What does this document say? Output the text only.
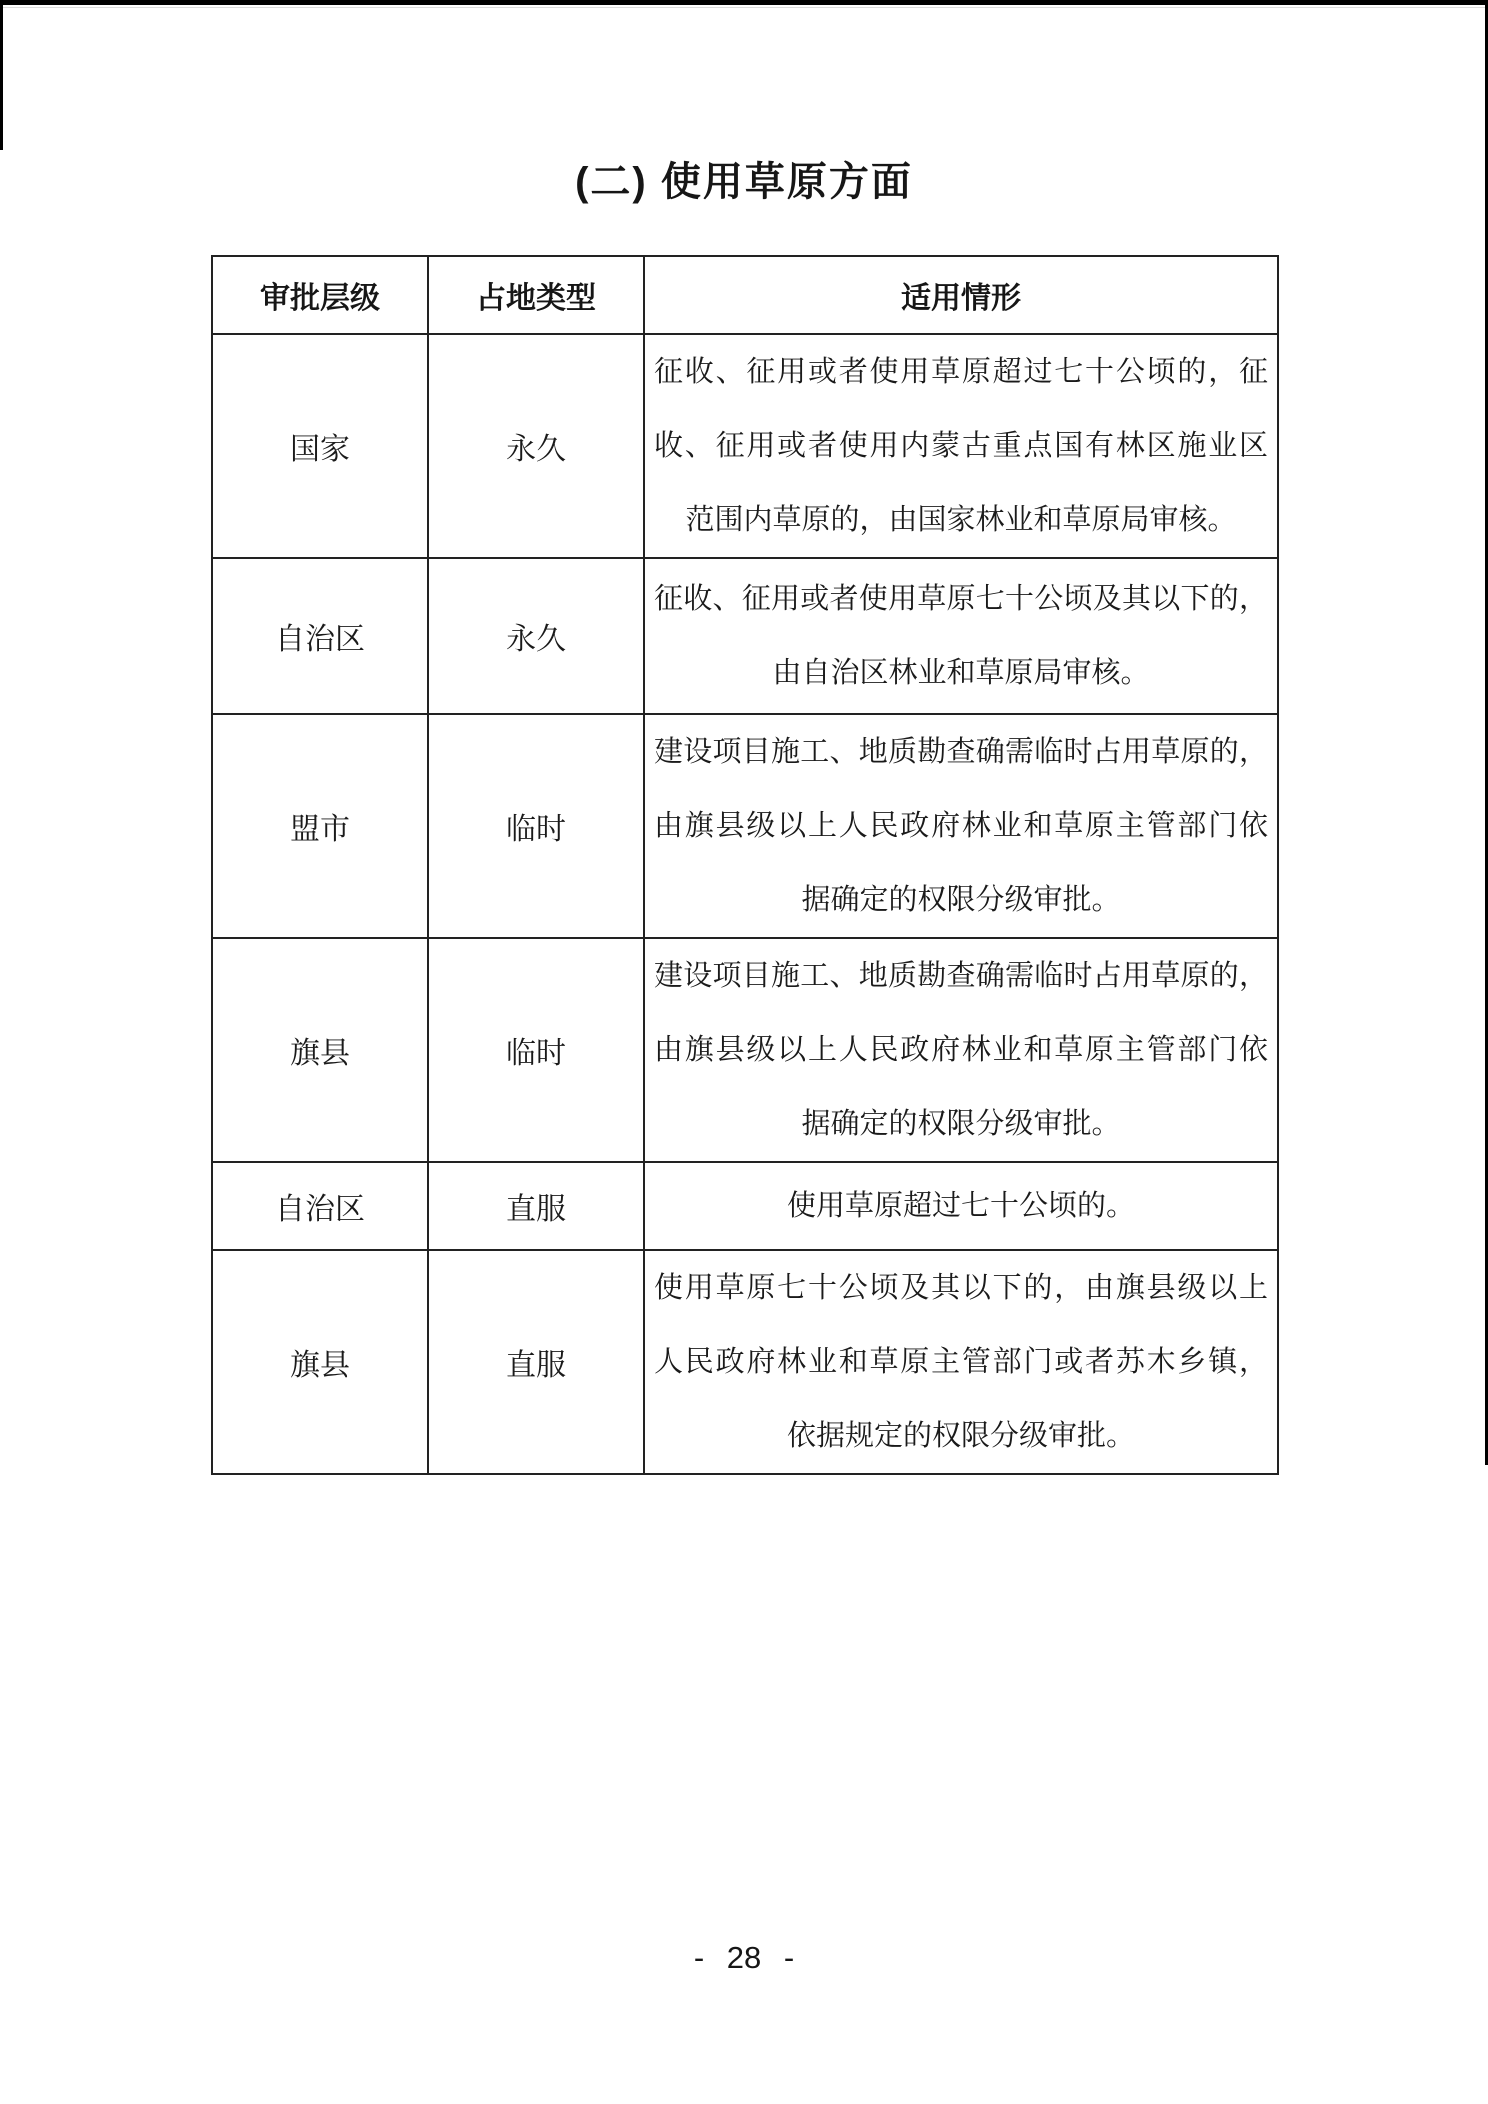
(二) 使用草原方面
审批层级	占地类型	适用情形
国家	永久	征收、征用或者使用草原超过七十公顷的，征
收、征用或者使用内蒙古重点国有林区施业区
范围内草原的，由国家林业和草原局审核。

自治区	永久	征收、征用或者使用草原七十公顷及其以下的，
由自治区林业和草原局审核。

盟市	临时	建设项目施工、地质勘查确需临时占用草原的，
由旗县级以上人民政府林业和草原主管部门依
据确定的权限分级审批。

旗县	临时	建设项目施工、地质勘查确需临时占用草原的，
由旗县级以上人民政府林业和草原主管部门依
据确定的权限分级审批。

自治区	直服	使用草原超过七十公顷的。

旗县	直服	使用草原七十公顷及其以下的，由旗县级以上
人民政府林业和草原主管部门或者苏木乡镇，
依据规定的权限分级审批。
- 28 -
